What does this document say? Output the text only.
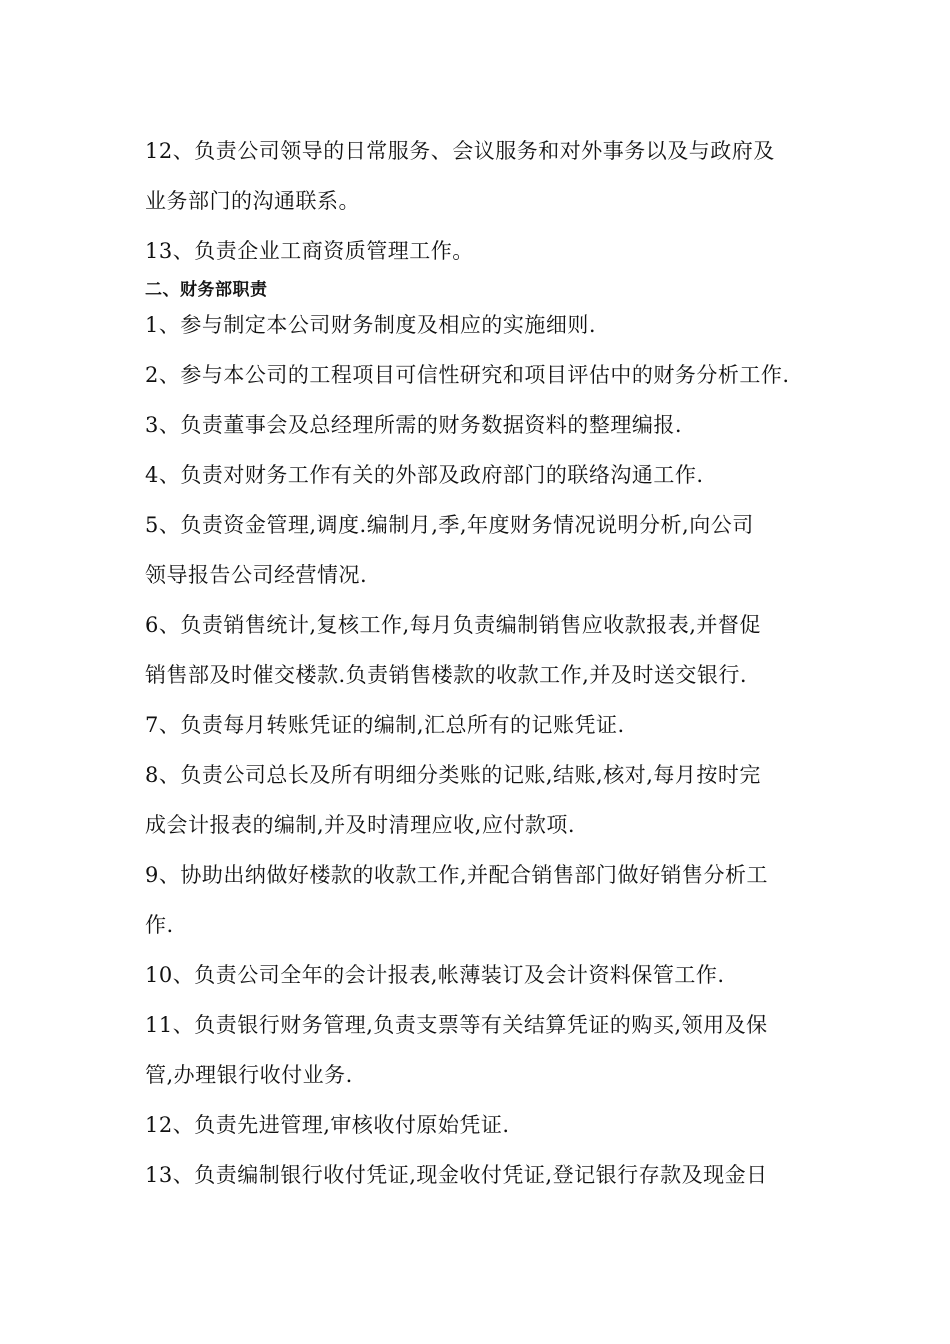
12、负责公司领导的日常服务、会议服务和对外事务以及与政府及
业务部门的沟通联系。
13、负责企业工商资质管理工作。
二、财务部职责
1、参与制定本公司财务制度及相应的实施细则.
2、参与本公司的工程项目可信性研究和项目评估中的财务分析工作.
3、负责董事会及总经理所需的财务数据资料的整理编报.
4、负责对财务工作有关的外部及政府部门的联络沟通工作.
5、负责资金管理,调度.编制月,季,年度财务情况说明分析,向公司
领导报告公司经营情况.
6、负责销售统计,复核工作,每月负责编制销售应收款报表,并督促
销售部及时催交楼款.负责销售楼款的收款工作,并及时送交银行.
7、负责每月转账凭证的编制,汇总所有的记账凭证.
8、负责公司总长及所有明细分类账的记账,结账,核对,每月按时完
成会计报表的编制,并及时清理应收,应付款项.
9、协助出纳做好楼款的收款工作,并配合销售部门做好销售分析工
作.
10、负责公司全年的会计报表,帐薄装订及会计资料保管工作.
11、负责银行财务管理,负责支票等有关结算凭证的购买,领用及保
管,办理银行收付业务.
12、负责先进管理,审核收付原始凭证.
13、负责编制银行收付凭证,现金收付凭证,登记银行存款及现金日
